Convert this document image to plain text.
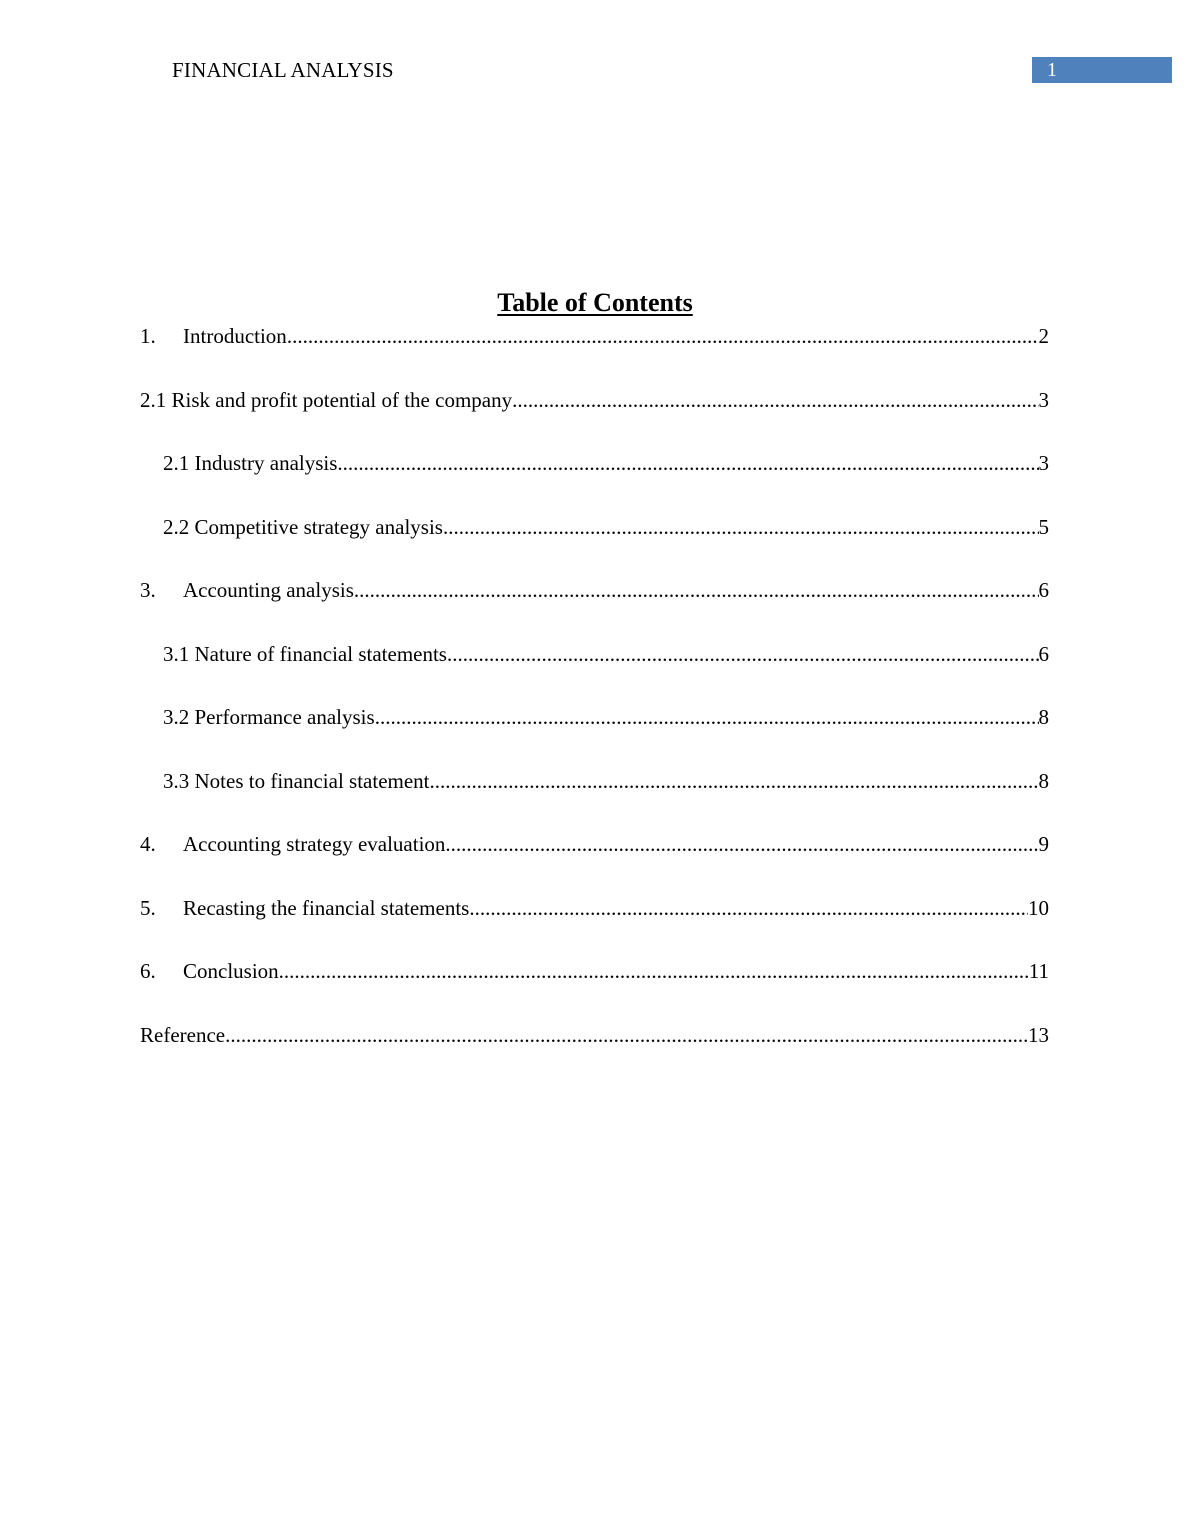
FINANCIAL ANALYSIS	1
Table of Contents
1.	Introduction .....	2
2.1 Risk and profit potential of the company .....	3
2.1 Industry analysis .....	3
2.2 Competitive strategy analysis .....	5
3.	Accounting analysis .....	6
3.1 Nature of financial statements .....	6
3.2 Performance analysis .....	8
3.3 Notes to financial statement .....	8
4.	Accounting strategy evaluation .....	9
5.	Recasting the financial statements .....	10
6.	Conclusion .....	11
Reference .....	13
